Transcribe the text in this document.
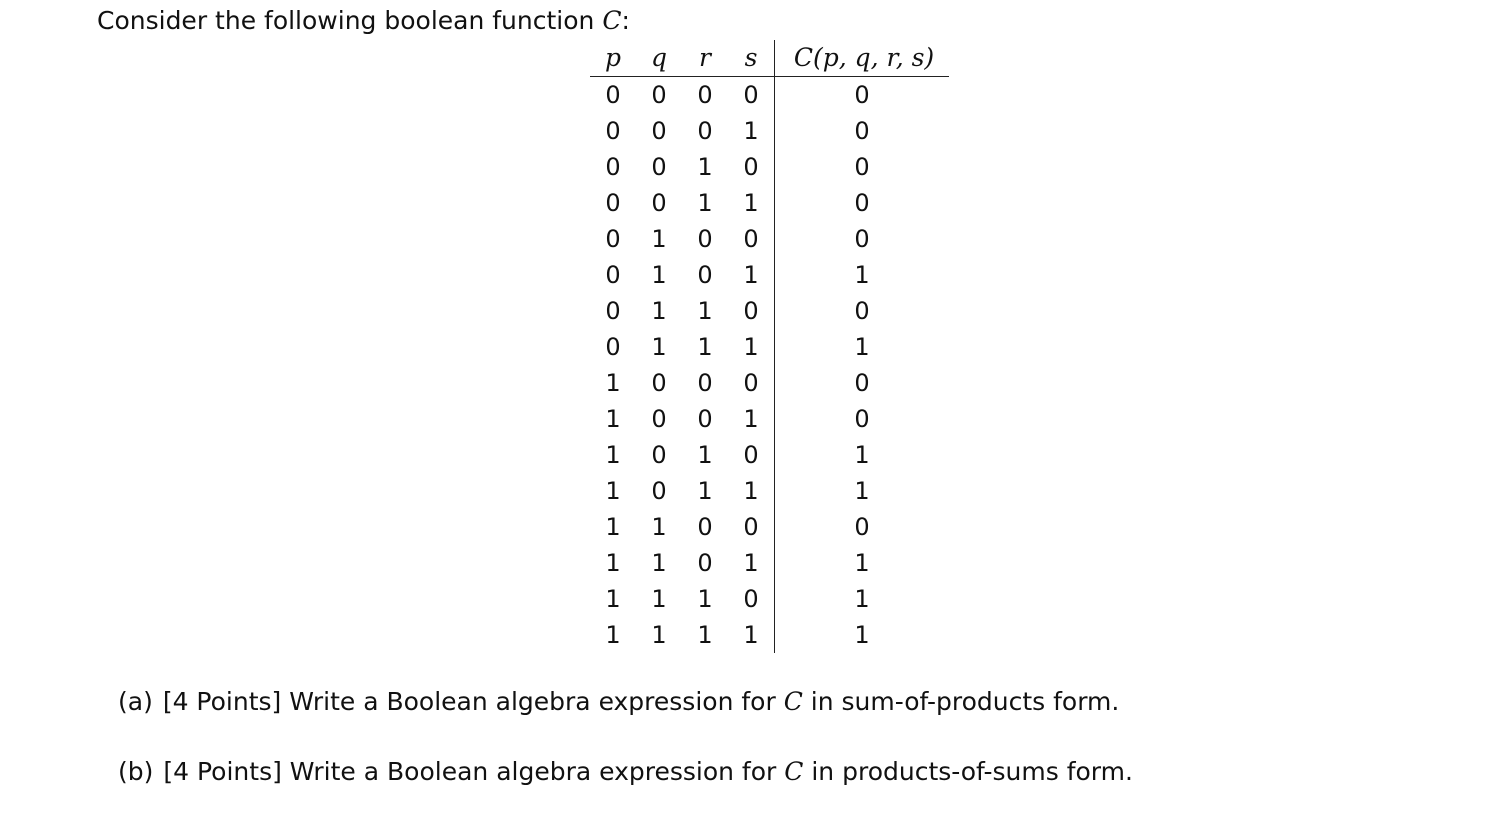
Consider the following boolean function C:
p	q	r	s	C(p, q, r, s)
0	0	0	0	0
0	0	0	1	0
0	0	1	0	0
0	0	1	1	0
0	1	0	0	0
0	1	0	1	1
0	1	1	0	0
0	1	1	1	1
1	0	0	0	0
1	0	0	1	0
1	0	1	0	1
1	0	1	1	1
1	1	0	0	0
1	1	0	1	1
1	1	1	0	1
1	1	1	1	1
(a) [4 Points] Write a Boolean algebra expression for C in sum-of-products form.
(b) [4 Points] Write a Boolean algebra expression for C in products-of-sums form.
